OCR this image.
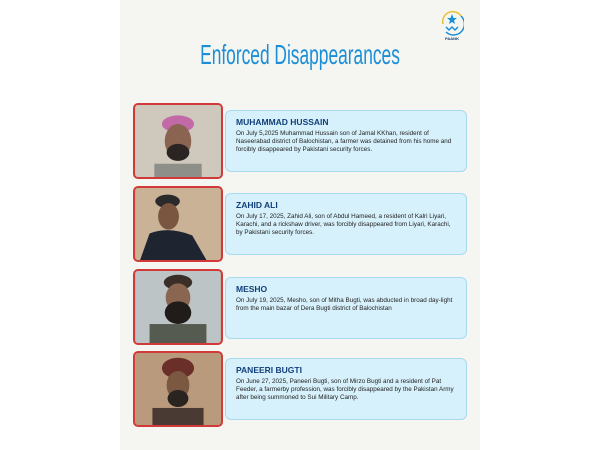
PAANK
Enforced Disappearances
MUHAMMAD HUSSAIN
On July 5,2025 Muhammad Hussain son of Jamal KKhan, resident of Naseerabad district of Balochistan, a farmer was detained from his home and forcibly disappeared by Pakistani security forces.
ZAHID ALI
On July 17, 2025, Zahid Ali, son of Abdul Hameed, a resident of Kalri Liyari, Karachi, and a rickshaw driver, was forcibly disappeared from Liyari, Karachi, by Pakistani security forces.
MESHO
On July 19, 2025, Mesho, son of Mitha Bugti, was abducted in broad day-light from the main bazar of Dera Bugti district of Balochistan
PANEERI BUGTI
On June 27, 2025, Paneeri Bugti, son of Mirzo Bugti and a resident of Pat Feeder, a farmerby profession, was forcibly disappeared by the Pakistan Army after being summoned to Sui Military Camp.
